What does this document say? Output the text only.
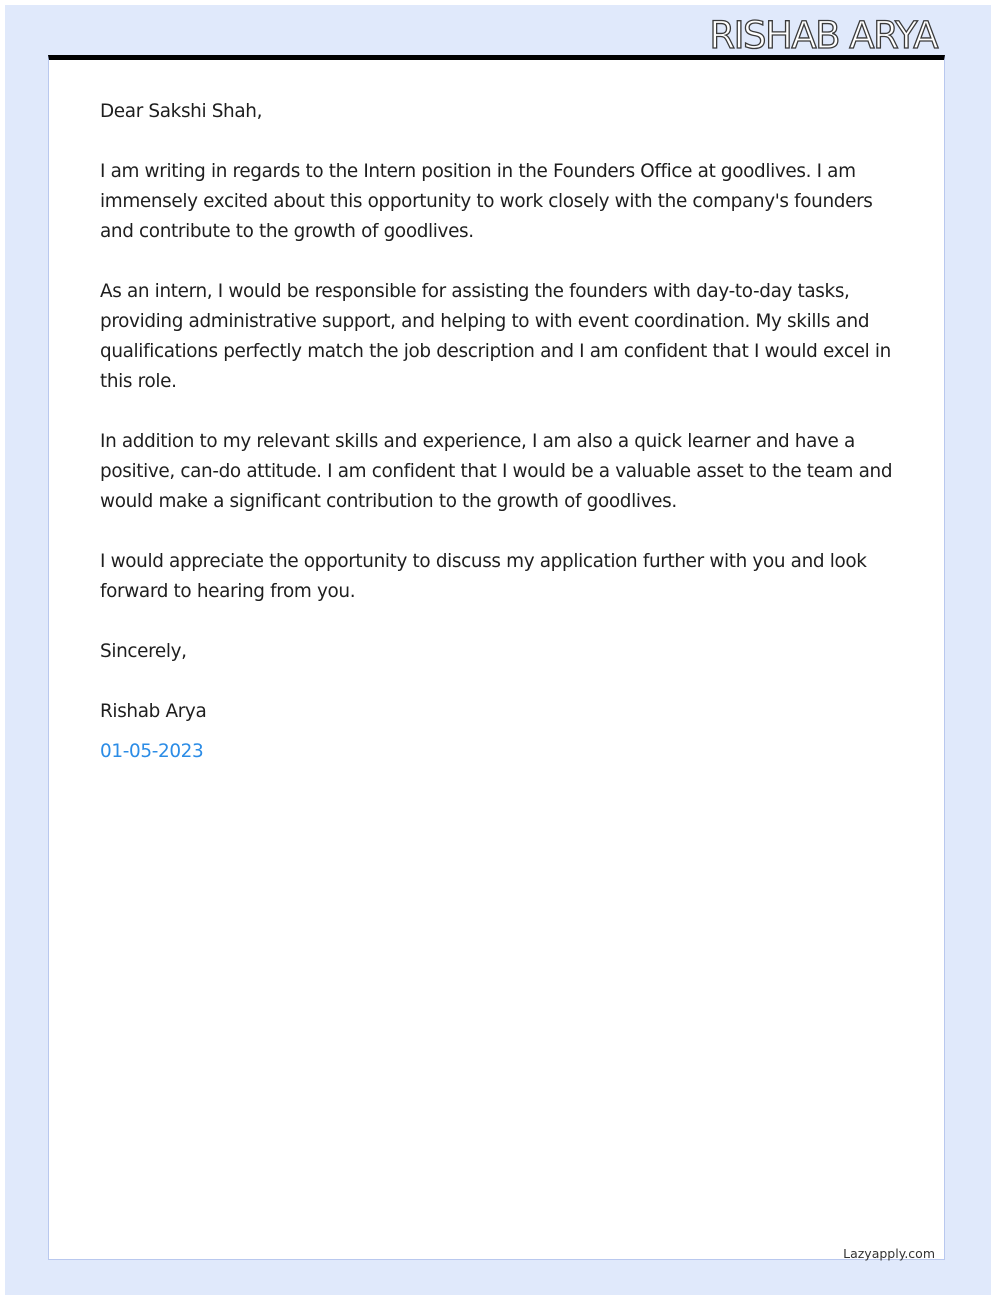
RISHAB ARYA

Dear Sakshi Shah,

I am writing in regards to the Intern position in the Founders Office at goodlives. I am immensely excited about this opportunity to work closely with the company's founders and contribute to the growth of goodlives.

As an intern, I would be responsible for assisting the founders with day-to-day tasks, providing administrative support, and helping to with event coordination. My skills and qualifications perfectly match the job description and I am confident that I would excel in this role.

In addition to my relevant skills and experience, I am also a quick learner and have a positive, can-do attitude. I am confident that I would be a valuable asset to the team and would make a significant contribution to the growth of goodlives.

I would appreciate the opportunity to discuss my application further with you and look forward to hearing from you.

Sincerely,

Rishab Arya

01-05-2023

Lazyapply.com
